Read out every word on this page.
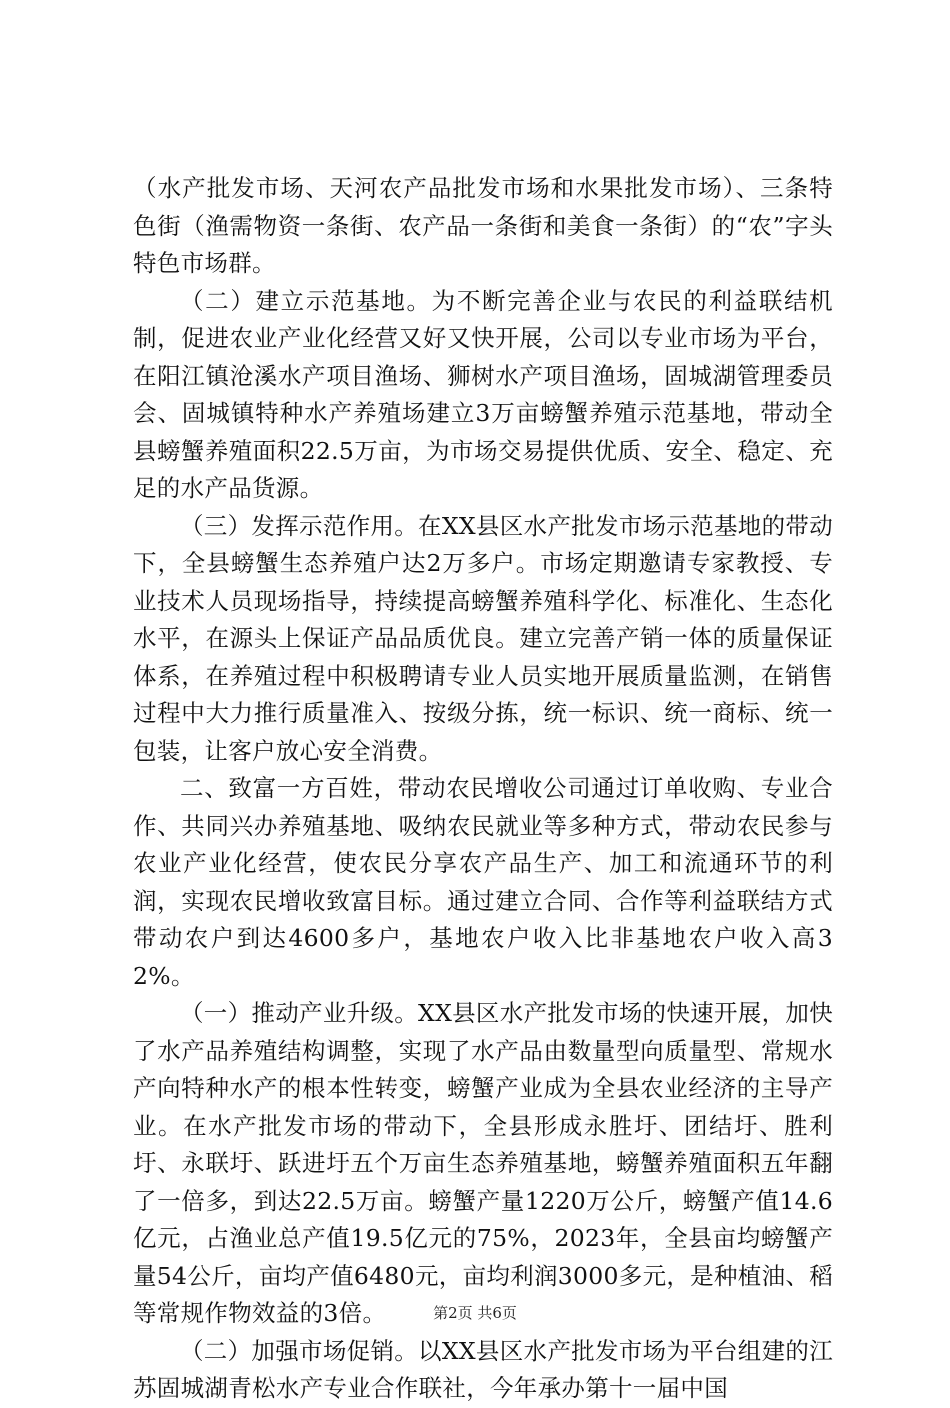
（水产批发市场、天河农产品批发市场和水果批发市场）、三条特色街（渔需物资一条街、农产品一条街和美食一条街）的“农”字头特色市场群。

（二）建立示范基地。为不断完善企业与农民的利益联结机制，促进农业产业化经营又好又快开展，公司以专业市场为平台，在阳江镇沧溪水产项目渔场、狮树水产项目渔场，固城湖管理委员会、固城镇特种水产养殖场建立3万亩螃蟹养殖示范基地，带动全县螃蟹养殖面积22.5万亩，为市场交易提供优质、安全、稳定、充足的水产品货源。

（三）发挥示范作用。在XX县区水产批发市场示范基地的带动下，全县螃蟹生态养殖户达2万多户。市场定期邀请专家教授、专业技术人员现场指导，持续提高螃蟹养殖科学化、标准化、生态化水平，在源头上保证产品品质优良。建立完善产销一体的质量保证体系，在养殖过程中积极聘请专业人员实地开展质量监测，在销售过程中大力推行质量准入、按级分拣，统一标识、统一商标、统一包装，让客户放心安全消费。

二、致富一方百姓，带动农民增收公司通过订单收购、专业合作、共同兴办养殖基地、吸纳农民就业等多种方式，带动农民参与农业产业化经营，使农民分享农产品生产、加工和流通环节的利润，实现农民增收致富目标。通过建立合同、合作等利益联结方式带动农户到达4600多户，基地农户收入比非基地农户收入高32%。

（一）推动产业升级。XX县区水产批发市场的快速开展，加快了水产品养殖结构调整，实现了水产品由数量型向质量型、常规水产向特种水产的根本性转变，螃蟹产业成为全县农业经济的主导产业。在水产批发市场的带动下，全县形成永胜圩、团结圩、胜利圩、永联圩、跃进圩五个万亩生态养殖基地，螃蟹养殖面积五年翻了一倍多，到达22.5万亩。螃蟹产量1220万公斤，螃蟹产值14.6亿元，占渔业总产值19.5亿元的75%，2023年，全县亩均螃蟹产量54公斤，亩均产值6480元，亩均利润3000多元，是种植油、稻等常规作物效益的3倍。

（二）加强市场促销。以XX县区水产批发市场为平台组建的江苏固城湖青松水产专业合作联社，今年承办第十一届中国

第2页 共6页
